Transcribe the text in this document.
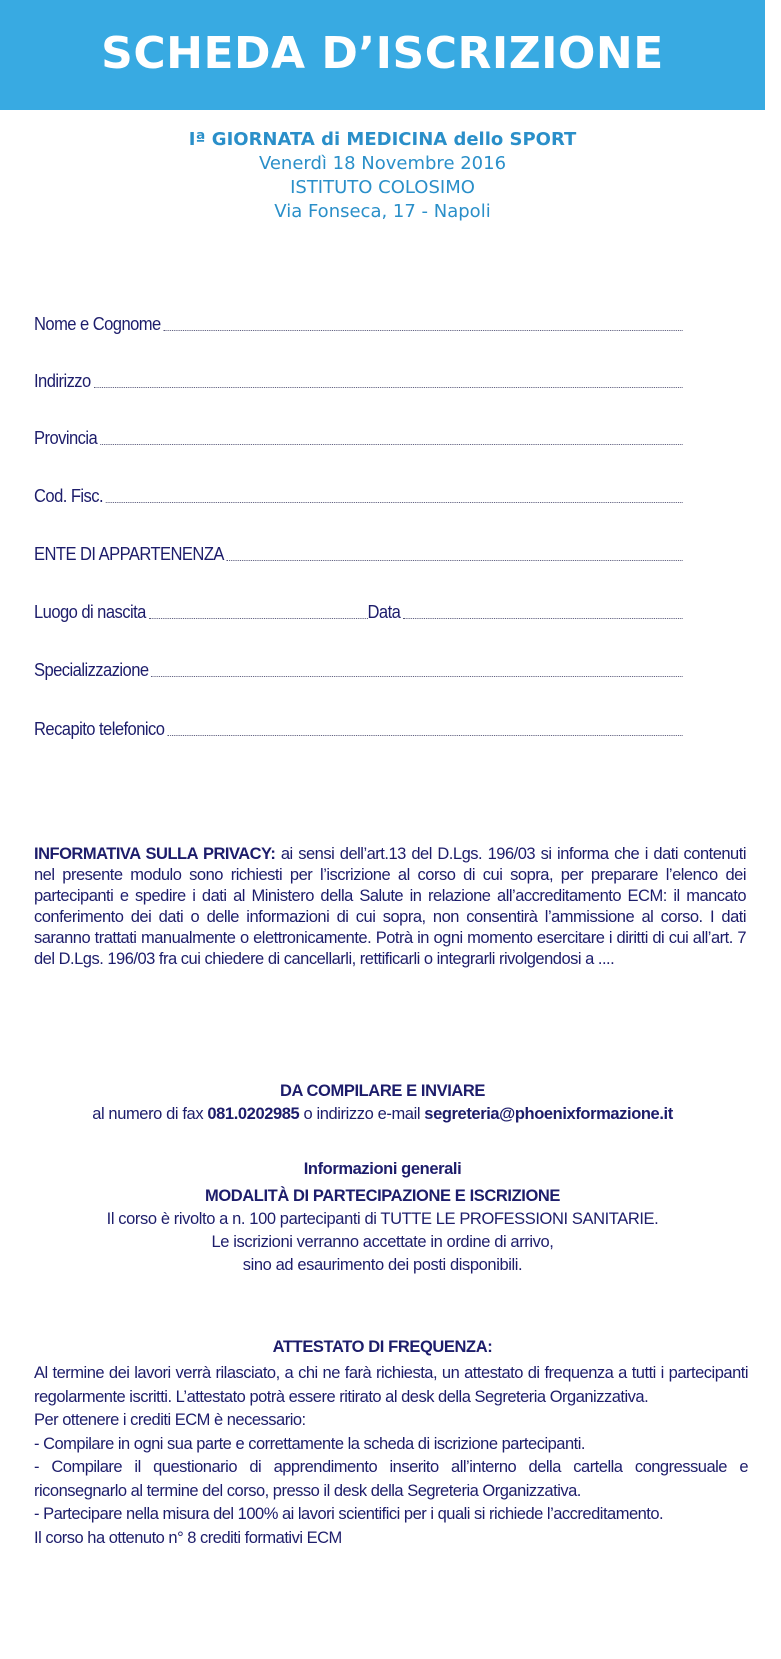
SCHEDA D’ISCRIZIONE
Iª GIORNATA di MEDICINA dello SPORT
Venerdì 18 Novembre 2016
ISTITUTO COLOSIMO
Via Fonseca, 17 - Napoli
Nome e Cognome
Indirizzo
Provincia
Cod. Fisc.
ENTE DI APPARTENENZA
Luogo di nascita	Data
Specializzazione
Recapito telefonico
INFORMATIVA SULLA PRIVACY: ai sensi dell’art.13 del D.Lgs. 196/03 si informa che i dati contenuti nel presente modulo sono richiesti per l’iscrizione al corso di cui sopra, per preparare l’elenco dei partecipanti e spedire i dati al Ministero della Salute in relazione all’accreditamento ECM: il mancato conferimento dei dati o delle informazioni di cui sopra, non consentirà l’ammissione al corso. I dati saranno trattati manualmente o elettronicamente. Potrà in ogni momento esercitare i diritti di cui all’art. 7 del D.Lgs. 196/03 fra cui chiedere di cancellarli, rettificarli o integrarli rivolgendosi a ....
DA COMPILARE E INVIARE
al numero di fax 081.0202985 o indirizzo e-mail segreteria@phoenixformazione.it
Informazioni generali
MODALITÀ DI PARTECIPAZIONE E ISCRIZIONE
Il corso è rivolto a n. 100 partecipanti di TUTTE LE PROFESSIONI SANITARIE.
Le iscrizioni verranno accettate in ordine di arrivo,
sino ad esaurimento dei posti disponibili.
ATTESTATO DI FREQUENZA:

Al termine dei lavori verrà rilasciato, a chi ne farà richiesta, un attestato di frequenza a tutti i partecipanti regolarmente iscritti. L’attestato potrà essere ritirato al desk della Segreteria Organizzativa.

Per ottenere i crediti ECM è necessario:

- Compilare in ogni sua parte e correttamente la scheda di iscrizione partecipanti.

- Compilare il questionario di apprendimento inserito all’interno della cartella congressuale e riconsegnarlo al termine del corso, presso il desk della Segreteria Organizzativa.

- Partecipare nella misura del 100% ai lavori scientifici per i quali si richiede l’accreditamento.

Il corso ha ottenuto n° 8 crediti formativi ECM
